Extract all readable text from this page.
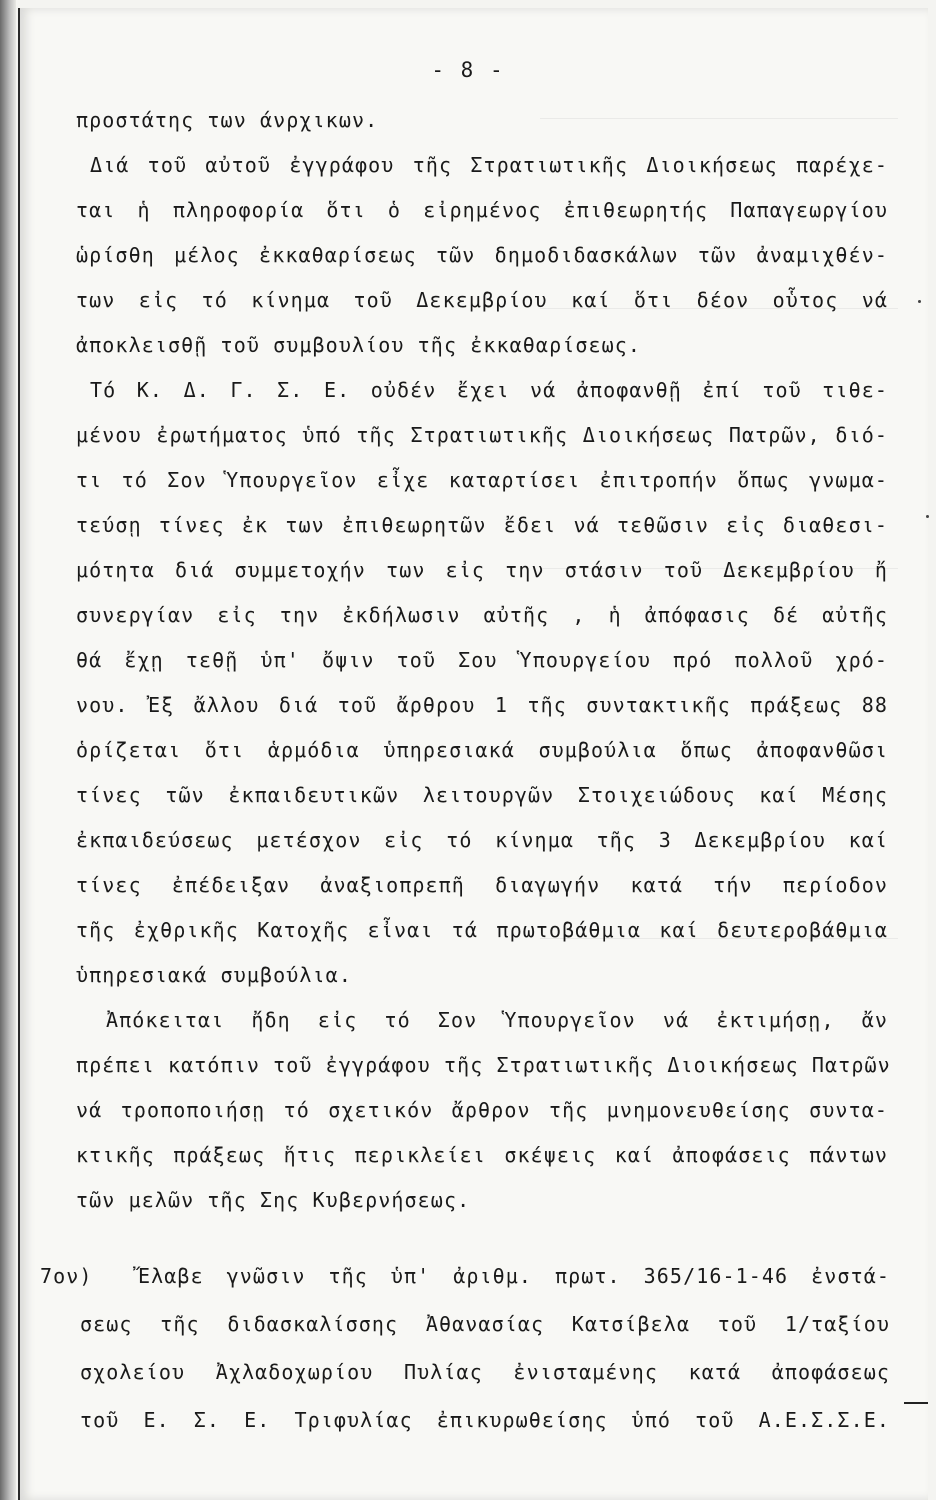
- 8 -
προστάτης των άνρχικων.
Διά τοῦ αὐτοῦ ἐγγράφου τῆς Στρατιωτικῆς Διοικήσεως παρέχε-
ται ἡ πληροφορία ὅτι ὁ εἰρημένος ἐπιθεωρητής Παπαγεωργίου
ὡρίσθη μέλος ἐκκαθαρίσεως τῶν δημοδιδασκάλων τῶν ἀναμιχθέν-
των εἰς τό κίνημα τοῦ Δεκεμβρίου καί ὅτι δέον οὗτος νά
ἀποκλεισθῇ τοῦ συμβουλίου τῆς ἐκκαθαρίσεως.
Τό Κ. Δ. Γ. Σ. Ε. οὐδέν ἔχει νά ἀποφανθῇ ἐπί τοῦ τιθε-
μένου ἐρωτήματος ὑπό τῆς Στρατιωτικῆς Διοικήσεως Πατρῶν, διό-
τι τό Σον Ὑπουργεῖον εἶχε καταρτίσει ἐπιτροπήν ὅπως γνωμα-
τεύσῃ τίνες ἐκ των ἐπιθεωρητῶν ἔδει νά τεθῶσιν εἰς διαθεσι-
μότητα διά συμμετοχήν των εἰς την στάσιν τοῦ Δεκεμβρίου ἤ
συνεργίαν εἰς την ἐκδήλωσιν αὐτῆς , ἡ ἀπόφασις δέ αὐτῆς
θά ἔχῃ τεθῇ ὑπ' ὄψιν τοῦ Σου Ὑπουργείου πρό πολλοῦ χρό-
νου. Ἐξ ἄλλου διά τοῦ ἄρθρου 1 τῆς συντακτικῆς πράξεως 88
ὁρίζεται ὅτι ἁρμόδια ὑπηρεσιακά συμβούλια ὅπως ἀποφανθῶσι
τίνες τῶν ἐκπαιδευτικῶν λειτουργῶν Στοιχειώδους καί Μέσης
ἐκπαιδεύσεως μετέσχον εἰς τό κίνημα τῆς 3 Δεκεμβρίου καί
τίνες ἐπέδειξαν ἀναξιοπρεπῆ διαγωγήν κατά τήν περίοδον
τῆς ἐχθρικῆς Κατοχῆς εἶναι τά πρωτοβάθμια καί δευτεροβάθμια
ὑπηρεσιακά συμβούλια.
Ἀπόκειται ἤδη εἰς τό Σον Ὑπουργεῖον νά ἐκτιμήσῃ, ἄν
πρέπει κατόπιν τοῦ ἐγγράφου τῆς Στρατιωτικῆς Διοικήσεως Πατρῶν
νά τροποποιήσῃ τό σχετικόν ἄρθρον τῆς μνημονευθείσης συντα-
κτικῆς πράξεως ἥτις περικλείει σκέψεις καί ἀποφάσεις πάντων
τῶν μελῶν τῆς Σης Κυβερνήσεως.
7ον) Ἔλαβε γνῶσιν τῆς ὑπ' ἀριθμ. πρωτ. 365/16-1-46 ἐνστά-
σεως τῆς διδασκαλίσσης Ἀθανασίας Κατσίβελα τοῦ 1/ταξίου
σχολείου Ἀχλαδοχωρίου Πυλίας ἐνισταμένης κατά ἀποφάσεως
τοῦ Ε. Σ. Ε. Τριφυλίας ἐπικυρωθείσης ὑπό τοῦ Α.Ε.Σ.Σ.Ε.
